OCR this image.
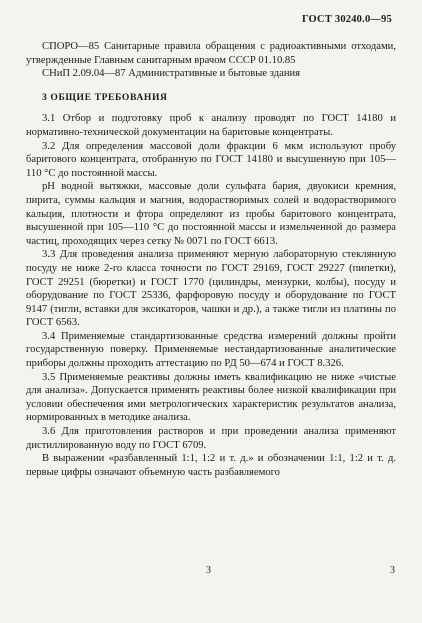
ГОСТ 30240.0—95

СПОРО—85 Санитарные правила обращения с радиоактивными отходами, утвержденные Главным санитарным врачом СССР 01.10.85

СНиП 2.09.04—87 Административные и бытовые здания

3 ОБЩИЕ ТРЕБОВАНИЯ

3.1 Отбор и подготовку проб к анализу проводят по ГОСТ 14180 и нормативно-технической документации на баритовые концентраты.

3.2 Для определения массовой доли фракции 6 мкм используют пробу баритового концентрата, отобранную по ГОСТ 14180 и высушенную при 105—110 °С до постоянной массы.

pH водной вытяжки, массовые доли сульфата бария, двуокиси кремния, пирита, суммы кальция и магния, водорастворимых солей и водорастворимого кальция, плотности и фтора определяют из пробы баритового концентрата, высушенной при 105—110 °С до постоянной массы и измельченной до размера частиц, проходящих через сетку № 0071 по ГОСТ 6613.

3.3 Для проведения анализа применяют мерную лабораторную стеклянную посуду не ниже 2-го класса точности по ГОСТ 29169, ГОСТ 29227 (пипетки), ГОСТ 29251 (бюретки) и ГОСТ 1770 (цилиндры, мензурки, колбы), посуду и оборудование по ГОСТ 25336, фарфоровую посуду и оборудование по ГОСТ 9147 (тигли, вставки для эксикаторов, чашки и др.), а также тигли из платины по ГОСТ 6563.

3.4 Применяемые стандартизованные средства измерений должны пройти государственную поверку. Применяемые нестандартизованные аналитические приборы должны проходить аттестацию по РД 50—674 и ГОСТ 8.326.

3.5 Применяемые реактивы должны иметь квалификацию не ниже «чистые для анализа». Допускается применять реактивы более низкой квалификации при условии обеспечения ими метрологических характеристик результатов анализа, нормированных в методике анализа.

3.6 Для приготовления растворов и при проведении анализа применяют дистиллированную воду по ГОСТ 6709.

В выражении «разбавленный 1:1, 1:2 и т. д.» и обозначении 1:1, 1:2 и т. д. первые цифры означают объемную часть разбавляемого

3	3
